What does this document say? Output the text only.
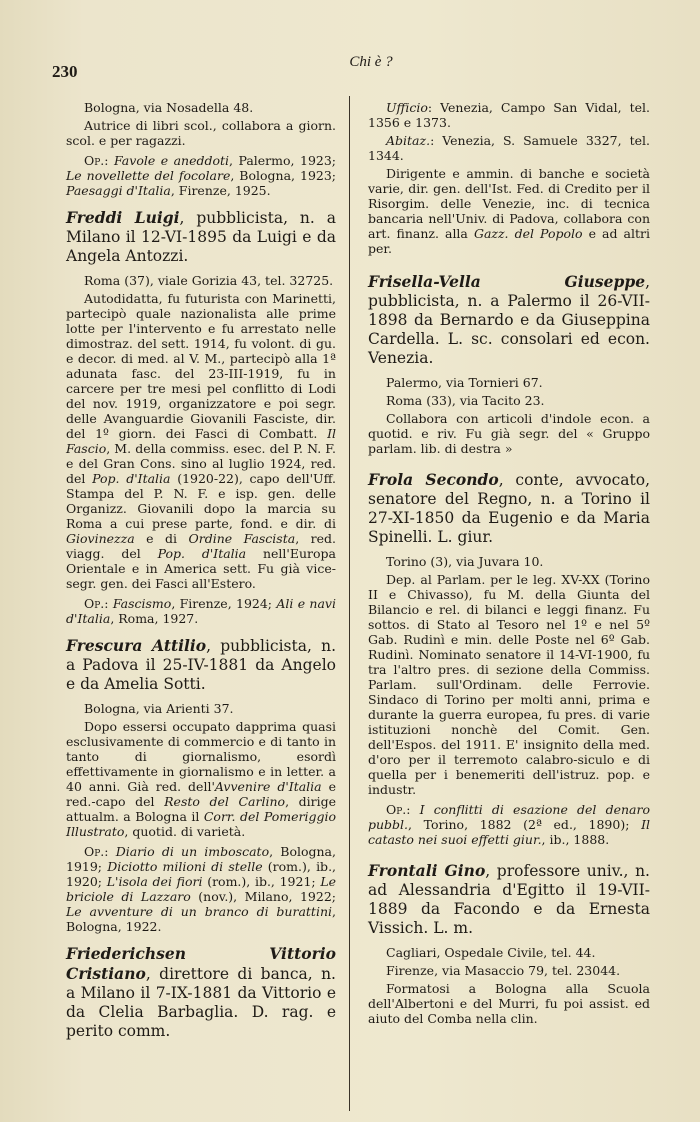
230	Chi è ?

Bologna, via Nosadella 48.

Autrice di libri scol., collabora a giorn. scol. e per ragazzi.

Op.: Favole e aneddoti, Palermo, 1923; Le novellette del focolare, Bologna, 1923; Paesaggi d'Italia, Firenze, 1925.

Freddi Luigi, pubblicista, n. a Milano il 12-VI-1895 da Luigi e da Angela Antozzi.

Roma (37), viale Gorizia 43, tel. 32725.

Autodidatta, fu futurista con Marinetti, partecipò quale nazionalista alle prime lotte per l'intervento e fu arrestato nelle dimostraz. del sett. 1914, fu volont. di gu. e decor. di med. al V. M., partecipò alla 1ª adunata fasc. del 23-III-1919, fu in carcere per tre mesi pel conflitto di Lodi del nov. 1919, organizzatore e poi segr. delle Avanguardie Giovanili Fasciste, dir. del 1º giorn. dei Fasci di Combatt. Il Fascio, M. della commiss. esec. del P. N. F. e del Gran Cons. sino al luglio 1924, red. del Pop. d'Italia (1920-22), capo dell'Uff. Stampa del P. N. F. e isp. gen. delle Organizz. Giovanili dopo la marcia su Roma a cui prese parte, fond. e dir. di Giovinezza e di Ordine Fascista, red. viagg. del Pop. d'Italia nell'Europa Orientale e in America sett. Fu già vice-segr. gen. dei Fasci all'Estero.

Op.: Fascismo, Firenze, 1924; Ali e navi d'Italia, Roma, 1927.

Frescura Attilio, pubblicista, n. a Padova il 25-IV-1881 da Angelo e da Amelia Sotti.

Bologna, via Arienti 37.

Dopo essersi occupato dapprima quasi esclusivamente di commercio e di tanto in tanto di giornalismo, esordì effettivamente in giornalismo e in letter. a 40 anni. Già red. dell'Avvenire d'Italia e red.-capo del Resto del Carlino, dirige attualm. a Bologna il Corr. del Pomeriggio Illustrato, quotid. di varietà.

Op.: Diario di un imboscato, Bologna, 1919; Diciotto milioni di stelle (rom.), ib., 1920; L'isola dei fiori (rom.), ib., 1921; Le briciole di Lazzaro (nov.), Milano, 1922; Le avventure di un branco di burattini, Bologna, 1922.

Friederichsen Vittorio Cristiano, direttore di banca, n. a Milano il 7-IX-1881 da Vittorio e da Clelia Barbaglia. D. rag. e perito comm.

Ufficio: Venezia, Campo San Vidal, tel. 1356 e 1373.

Abitaz.: Venezia, S. Samuele 3327, tel. 1344.

Dirigente e ammin. di banche e società varie, dir. gen. dell'Ist. Fed. di Credito per il Risorgim. delle Venezie, inc. di tecnica bancaria nell'Univ. di Padova, collabora con art. finanz. alla Gazz. del Popolo e ad altri per.

Frisella-Vella Giuseppe, pubblicista, n. a Palermo il 26-VII-1898 da Bernardo e da Giuseppina Cardella. L. sc. consolari ed econ. Venezia.

Palermo, via Tornieri 67.

Roma (33), via Tacito 23.

Collabora con articoli d'indole econ. a quotid. e riv. Fu già segr. del « Gruppo parlam. lib. di destra »

Frola Secondo, conte, avvocato, senatore del Regno, n. a Torino il 27-XI-1850 da Eugenio e da Maria Spinelli. L. giur.

Torino (3), via Juvara 10.

Dep. al Parlam. per le leg. XV-XX (Torino II e Chivasso), fu M. della Giunta del Bilancio e rel. di bilanci e leggi finanz. Fu sottos. di Stato al Tesoro nel 1º e nel 5º Gab. Rudinì e min. delle Poste nel 6º Gab. Rudinì. Nominato senatore il 14-VI-1900, fu tra l'altro pres. di sezione della Commiss. Parlam. sull'Ordinam. delle Ferrovie. Sindaco di Torino per molti anni, prima e durante la guerra europea, fu pres. di varie istituzioni nonchè del Comit. Gen. dell'Espos. del 1911. E' insignito della med. d'oro per il terremoto calabro-siculo e di quella per i benemeriti dell'istruz. pop. e industr.

Op.: I conflitti di esazione del denaro pubbl., Torino, 1882 (2ª ed., 1890); Il catasto nei suoi effetti giur., ib., 1888.

Frontali Gino, professore univ., n. ad Alessandria d'Egitto il 19-VII-1889 da Facondo e da Ernesta Vissich. L. m.

Cagliari, Ospedale Civile, tel. 44.

Firenze, via Masaccio 79, tel. 23044.

Formatosi a Bologna alla Scuola dell'Albertoni e del Murri, fu poi assist. ed aiuto del Comba nella clin.
